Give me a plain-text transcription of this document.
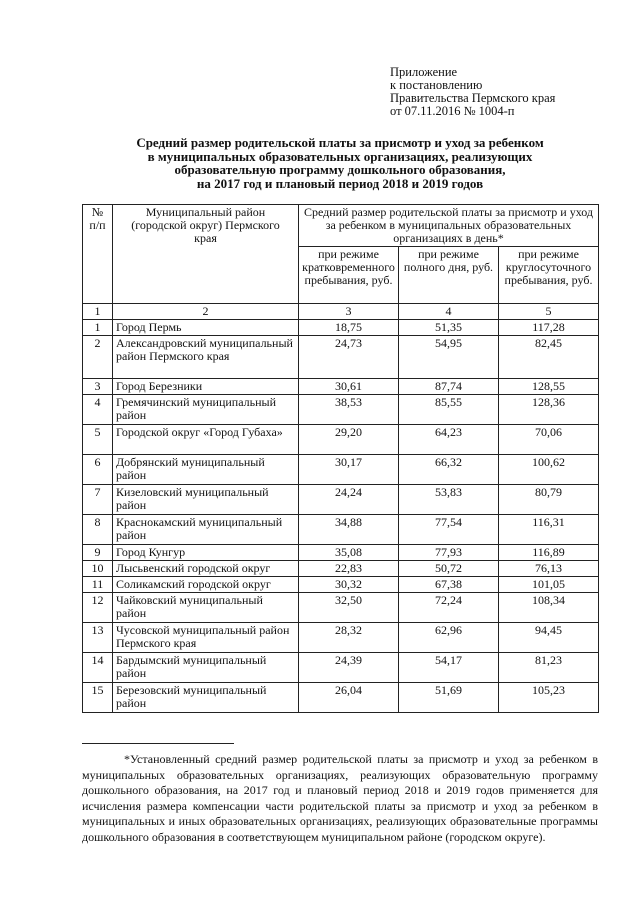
Приложение
к постановлению
Правительства Пермского края
от 07.11.2016 № 1004-п
Средний размер родительской платы за присмотр и уход за ребенком
в муниципальных образовательных организациях, реализующих
образовательную программу дошкольного образования,
на 2017 год и плановый период 2018 и 2019 годов
№ п/п	Муниципальный район (городской округ) Пермского края	Средний размер родительской платы за присмотр и уход за ребенком в муниципальных образовательных организациях в день*		
		при режиме кратковременного пребывания, руб.	при режиме полного дня, руб.	при режиме круглосуточного пребывания, руб.
1	2	3	4	5
1	Город Пермь	18,75	51,35	117,28
2	Александровский муниципальный район Пермского края	24,73	54,95	82,45
3	Город Березники	30,61	87,74	128,55
4	Гремячинский муниципальный район	38,53	85,55	128,36
5	Городской округ «Город Губаха»	29,20	64,23	70,06
6	Добрянский муниципальный район	30,17	66,32	100,62
7	Кизеловский муниципальный район	24,24	53,83	80,79
8	Краснокамский муниципальный район	34,88	77,54	116,31
9	Город Кунгур	35,08	77,93	116,89
10	Лысьвенский городской округ	22,83	50,72	76,13
11	Соликамский городской округ	30,32	67,38	101,05
12	Чайковский муниципальный район	32,50	72,24	108,34
13	Чусовской муниципальный район Пермского края	28,32	62,96	94,45
14	Бардымский муниципальный район	24,39	54,17	81,23
15	Березовский муниципальный район	26,04	51,69	105,23
*Установленный средний размер родительской платы за присмотр и уход за ребенком в муниципальных образовательных организациях, реализующих образовательную программу дошкольного образования, на 2017 год и плановый период 2018 и 2019 годов применяется для исчисления размера компенсации части родительской платы за присмотр и уход за ребенком в муниципальных и иных образовательных организациях, реализующих образовательные программы дошкольного образования в соответствующем муниципальном районе (городском округе).
